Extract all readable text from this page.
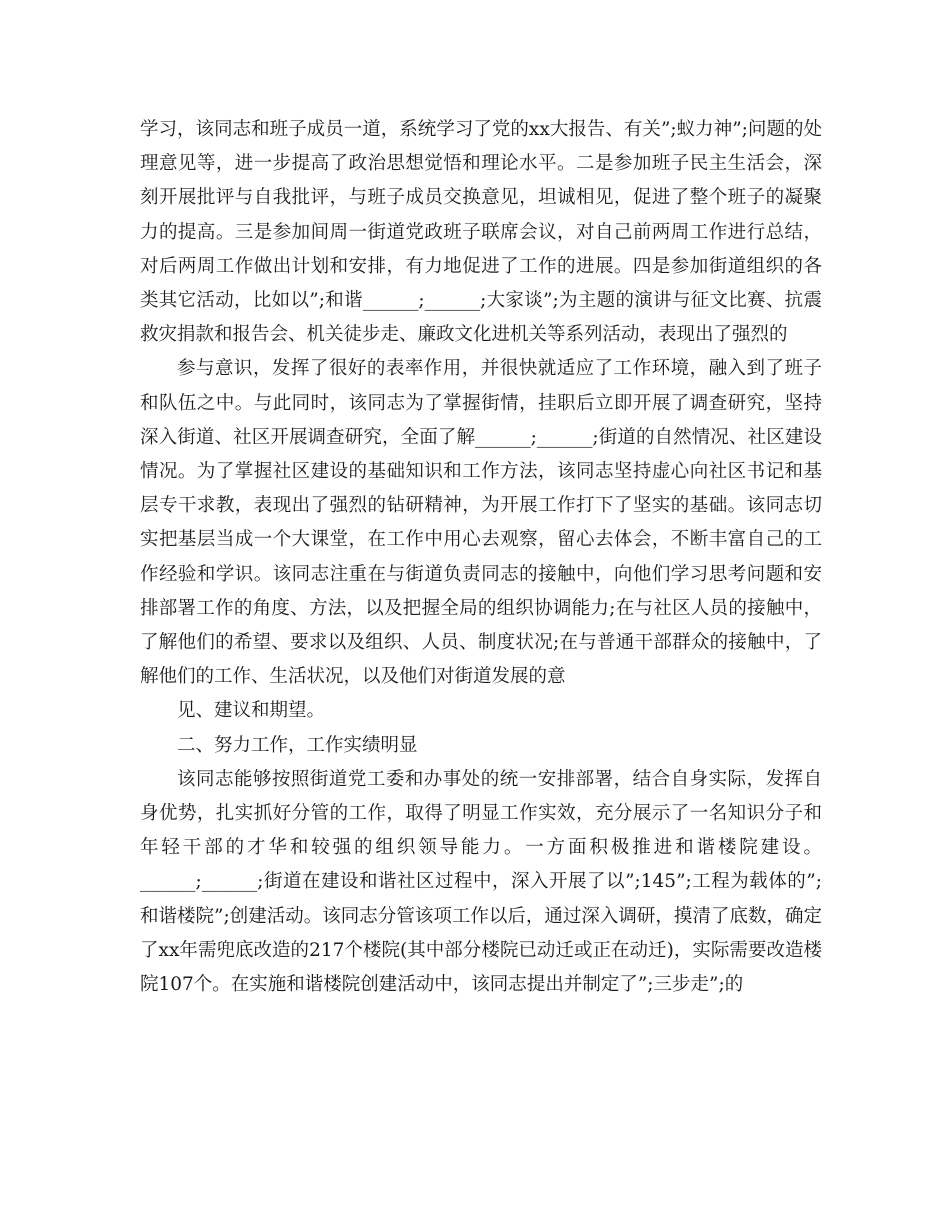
学习，该同志和班子成员一道，系统学习了党的xx大报告、有关”;蚁力神”;问题的处理意见等，进一步提高了政治思想觉悟和理论水平。二是参加班子民主生活会，深刻开展批评与自我批评，与班子成员交换意见，坦诚相见，促进了整个班子的凝聚力的提高。三是参加间周一街道党政班子联席会议，对自己前两周工作进行总结，对后两周工作做出计划和安排，有力地促进了工作的进展。四是参加街道组织的各类其它活动，比如以”;和谐______;______;大家谈”;为主题的演讲与征文比赛、抗震救灾捐款和报告会、机关徒步走、廉政文化进机关等系列活动，表现出了强烈的

参与意识，发挥了很好的表率作用，并很快就适应了工作环境，融入到了班子和队伍之中。与此同时，该同志为了掌握街情，挂职后立即开展了调查研究，坚持深入街道、社区开展调查研究，全面了解______;______;街道的自然情况、社区建设情况。为了掌握社区建设的基础知识和工作方法，该同志坚持虚心向社区书记和基层专干求教，表现出了强烈的钻研精神，为开展工作打下了坚实的基础。该同志切实把基层当成一个大课堂，在工作中用心去观察，留心去体会，不断丰富自己的工作经验和学识。该同志注重在与街道负责同志的接触中，向他们学习思考问题和安排部署工作的角度、方法，以及把握全局的组织协调能力;在与社区人员的接触中，了解他们的希望、要求以及组织、人员、制度状况;在与普通干部群众的接触中，了解他们的工作、生活状况，以及他们对街道发展的意

见、建议和期望。

二、努力工作，工作实绩明显

该同志能够按照街道党工委和办事处的统一安排部署，结合自身实际，发挥自身优势，扎实抓好分管的工作，取得了明显工作实效，充分展示了一名知识分子和年轻干部的才华和较强的组织领导能力。一方面积极推进和谐楼院建设。______;______;街道在建设和谐社区过程中，深入开展了以”;145”;工程为载体的”;和谐楼院”;创建活动。该同志分管该项工作以后，通过深入调研，摸清了底数，确定了xx年需兜底改造的217个楼院(其中部分楼院已动迁或正在动迁)，实际需要改造楼院107个。在实施和谐楼院创建活动中，该同志提出并制定了”;三步走”;的
